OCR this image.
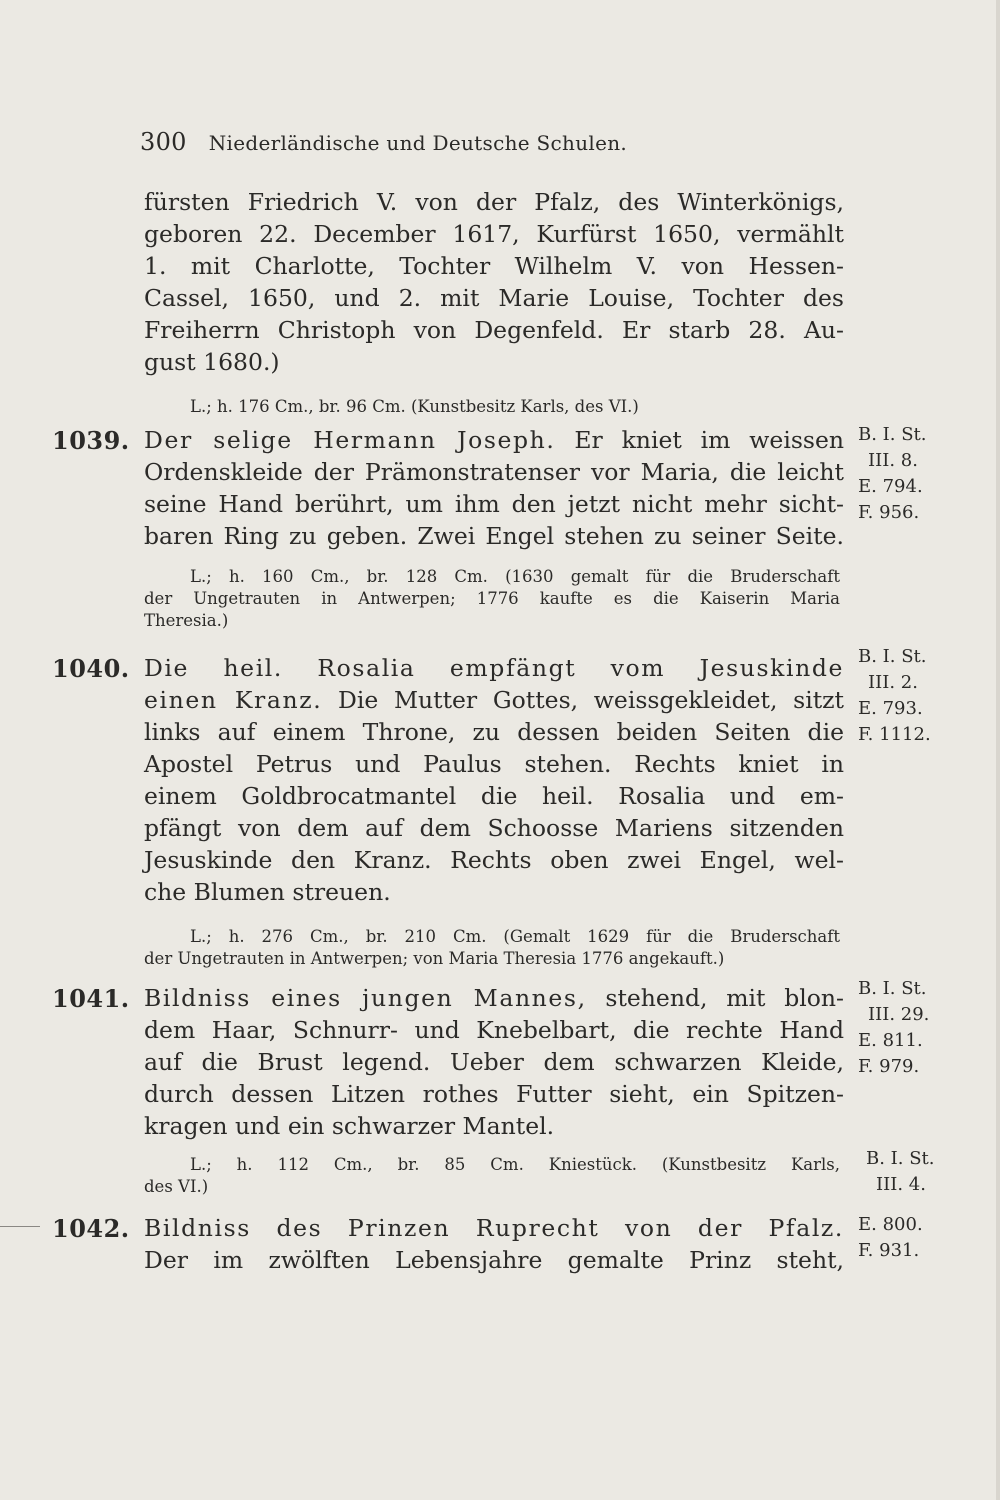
300 Niederländische und Deutsche Schulen.
fürsten Friedrich V. von der Pfalz, des Winterkönigs,
geboren 22. December 1617, Kurfürst 1650, vermählt
1. mit Charlotte, Tochter Wilhelm V. von Hessen-
Cassel, 1650, und 2. mit Marie Louise, Tochter des
Freiherrn Christoph von Degenfeld. Er starb 28. Au-
gust 1680.)
L.; h. 176 Cm., br. 96 Cm. (Kunstbesitz Karls, des VI.)
1039. Der selige Hermann Joseph. Er kniet im weissen
Ordenskleide der Prämonstratenser vor Maria, die leicht
seine Hand berührt, um ihm den jetzt nicht mehr sicht-
baren Ring zu geben. Zwei Engel stehen zu seiner Seite.
B. I. St.
III. 8.
E. 794.
F. 956.
L.; h. 160 Cm., br. 128 Cm. (1630 gemalt für die Bruderschaft
der Ungetrauten in Antwerpen; 1776 kaufte es die Kaiserin Maria
Theresia.)
1040. Die heil. Rosalia empfängt vom Jesuskinde
einen Kranz. Die Mutter Gottes, weissgekleidet, sitzt
links auf einem Throne, zu dessen beiden Seiten die
Apostel Petrus und Paulus stehen. Rechts kniet in
einem Goldbrocatmantel die heil. Rosalia und em-
pfängt von dem auf dem Schoosse Mariens sitzenden
Jesuskinde den Kranz. Rechts oben zwei Engel, wel-
che Blumen streuen.
B. I. St.
III. 2.
E. 793.
F. 1112.
L.; h. 276 Cm., br. 210 Cm. (Gemalt 1629 für die Bruderschaft
der Ungetrauten in Antwerpen; von Maria Theresia 1776 angekauft.)
1041. Bildniss eines jungen Mannes, stehend, mit blon-
dem Haar, Schnurr- und Knebelbart, die rechte Hand
auf die Brust legend. Ueber dem schwarzen Kleide,
durch dessen Litzen rothes Futter sieht, ein Spitzen-
kragen und ein schwarzer Mantel.
B. I. St.
III. 29.
E. 811.
F. 979.
L.; h. 112 Cm., br. 85 Cm. Kniestück. (Kunstbesitz Karls,
des VI.)
B. I. St.
III. 4.
1042. Bildniss des Prinzen Ruprecht von der Pfalz.
Der im zwölften Lebensjahre gemalte Prinz steht,
E. 800.
F. 931.
